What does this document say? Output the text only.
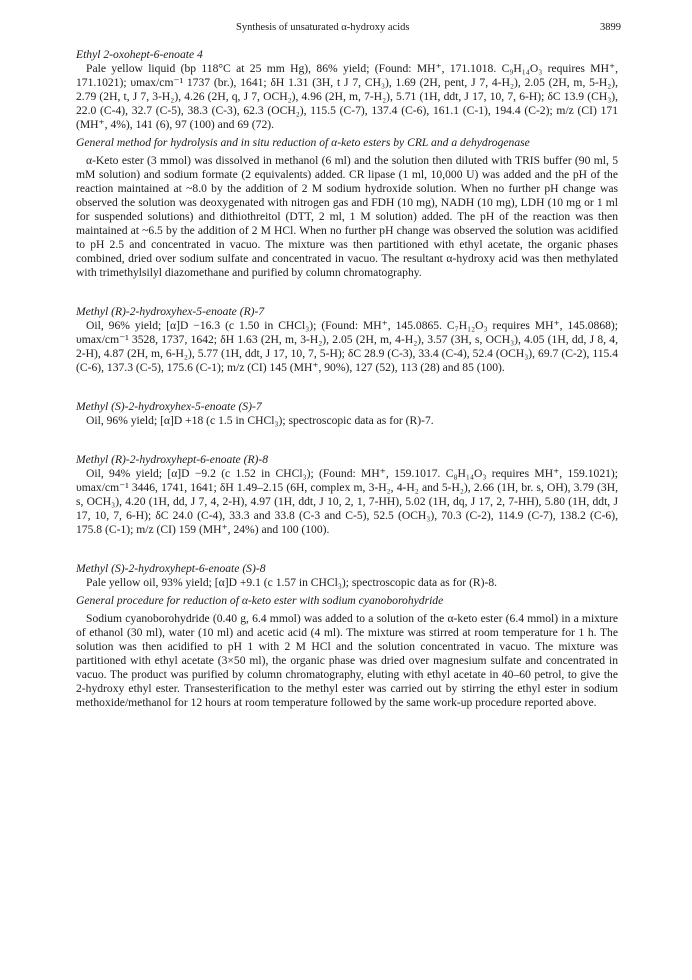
Synthesis of unsaturated α-hydroxy acids	3899

Ethyl 2-oxohept-6-enoate 4

Pale yellow liquid (bp 118°C at 25 mm Hg), 86% yield; (Found: MH⁺, 171.1018. C₉H₁₄O₃ requires MH⁺, 171.1021); υmax/cm⁻¹ 1737 (br.), 1641; δH 1.31 (3H, t J 7, CH₃), 1.69 (2H, pent, J 7, 4-H₂), 2.05 (2H, m, 5-H₂), 2.79 (2H, t, J 7, 3-H₂), 4.26 (2H, q, J 7, OCH₂), 4.96 (2H, m, 7-H₂), 5.71 (1H, ddt, J 17, 10, 7, 6-H); δC 13.9 (CH₃), 22.0 (C-4), 32.7 (C-5), 38.3 (C-3), 62.3 (OCH₂), 115.5 (C-7), 137.4 (C-6), 161.1 (C-1), 194.4 (C-2); m/z (CI) 171 (MH⁺, 4%), 141 (6), 97 (100) and 69 (72).

General method for hydrolysis and in situ reduction of α-keto esters by CRL and a dehydrogenase

α-Keto ester (3 mmol) was dissolved in methanol (6 ml) and the solution then diluted with TRIS buffer (90 ml, 5 mM solution) and sodium formate (2 equivalents) added. CR lipase (1 ml, 10,000 U) was added and the pH of the reaction maintained at ~8.0 by the addition of 2 M sodium hydroxide solution. When no further pH change was observed the solution was deoxygenated with nitrogen gas and FDH (10 mg), NADH (10 mg), LDH (10 mg or 1 ml for suspended solutions) and dithiothreitol (DTT, 2 ml, 1 M solution) added. The pH of the reaction was then maintained at ~6.5 by the addition of 2 M HCl. When no further pH change was observed the solution was acidified to pH 2.5 and concentrated in vacuo. The mixture was then partitioned with ethyl acetate, the organic phases combined, dried over sodium sulfate and concentrated in vacuo. The resultant α-hydroxy acid was then methylated with trimethylsilyl diazomethane and purified by column chromatography.

Methyl (R)-2-hydroxyhex-5-enoate (R)-7

Oil, 96% yield; [α]D −16.3 (c 1.50 in CHCl₃); (Found: MH⁺, 145.0865. C₇H₁₂O₃ requires MH⁺, 145.0868); υmax/cm⁻¹ 3528, 1737, 1642; δH 1.63 (2H, m, 3-H₂), 2.05 (2H, m, 4-H₂), 3.57 (3H, s, OCH₃), 4.05 (1H, dd, J 8, 4, 2-H), 4.87 (2H, m, 6-H₂), 5.77 (1H, ddt, J 17, 10, 7, 5-H); δC 28.9 (C-3), 33.4 (C-4), 52.4 (OCH₃), 69.7 (C-2), 115.4 (C-6), 137.3 (C-5), 175.6 (C-1); m/z (CI) 145 (MH⁺, 90%), 127 (52), 113 (28) and 85 (100).

Methyl (S)-2-hydroxyhex-5-enoate (S)-7

Oil, 96% yield; [α]D +18 (c 1.5 in CHCl₃); spectroscopic data as for (R)-7.

Methyl (R)-2-hydroxyhept-6-enoate (R)-8

Oil, 94% yield; [α]D −9.2 (c 1.52 in CHCl₃); (Found: MH⁺, 159.1017. C₈H₁₄O₃ requires MH⁺, 159.1021); υmax/cm⁻¹ 3446, 1741, 1641; δH 1.49–2.15 (6H, complex m, 3-H₂, 4-H₂ and 5-H₂), 2.66 (1H, br. s, OH), 3.79 (3H, s, OCH₃), 4.20 (1H, dd, J 7, 4, 2-H), 4.97 (1H, ddt, J 10, 2, 1, 7-HH), 5.02 (1H, dq, J 17, 2, 7-HH), 5.80 (1H, ddt, J 17, 10, 7, 6-H); δC 24.0 (C-4), 33.3 and 33.8 (C-3 and C-5), 52.5 (OCH₃), 70.3 (C-2), 114.9 (C-7), 138.2 (C-6), 175.8 (C-1); m/z (CI) 159 (MH⁺, 24%) and 100 (100).

Methyl (S)-2-hydroxyhept-6-enoate (S)-8

Pale yellow oil, 93% yield; [α]D +9.1 (c 1.57 in CHCl₃); spectroscopic data as for (R)-8.

General procedure for reduction of α-keto ester with sodium cyanoborohydride

Sodium cyanoborohydride (0.40 g, 6.4 mmol) was added to a solution of the α-keto ester (6.4 mmol) in a mixture of ethanol (30 ml), water (10 ml) and acetic acid (4 ml). The mixture was stirred at room temperature for 1 h. The solution was then acidified to pH 1 with 2 M HCl and the solution concentrated in vacuo. The mixture was partitioned with ethyl acetate (3×50 ml), the organic phase was dried over magnesium sulfate and concentrated in vacuo. The product was purified by column chromatography, eluting with ethyl acetate in 40–60 petrol, to give the 2-hydroxy ethyl ester. Transesterification to the methyl ester was carried out by stirring the ethyl ester in sodium methoxide/methanol for 12 hours at room temperature followed by the same work-up procedure reported above.
